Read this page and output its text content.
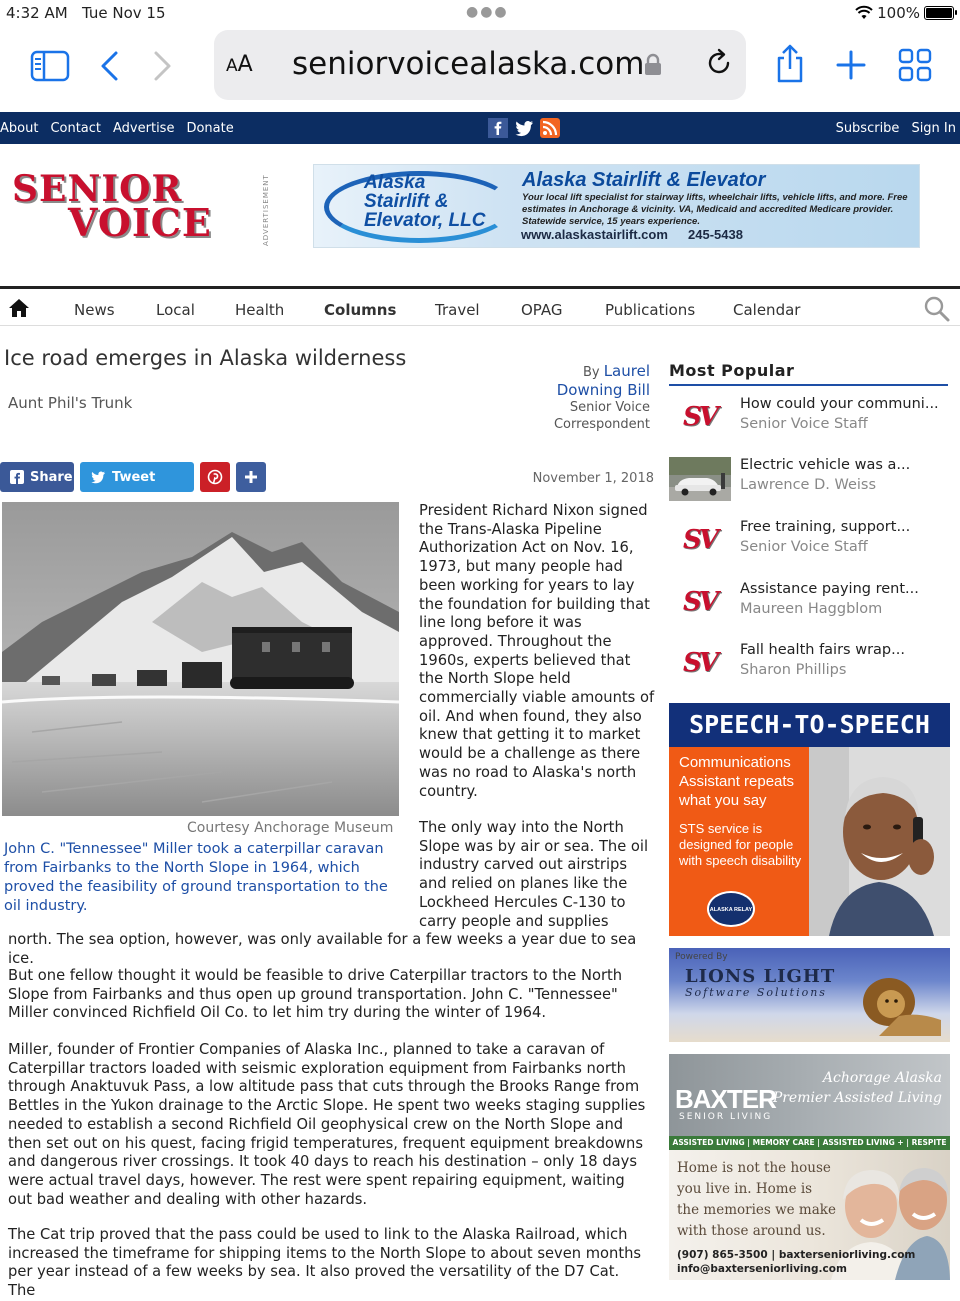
4:32 AM Tue Nov 15	●●●	100%
AA seniorvoicealaska.com
About Contact Advertise Donate	Subscribe Sign In
SENIOR
VOICE	ADVERTISEMENT	Alaska
Stairlift &
Elevator, LLC
Alaska Stairlift & Elevator
Your local lift specialist for stairway lifts, wheelchair lifts, vehicle lifts, and more. Free estimates in Anchorage & vicinity. VA, Medicaid and accredited Medicare provider. Statewide service, 15 years experience.
www.alaskastairlift.com 245-5438
News	Local	Health	Columns	Travel	OPAG	Publications	Calendar
Ice road emerges in Alaska wilderness
Aunt Phil's Trunk
By Laurel
Downing Bill
Senior Voice
Correspondent
Share	Tweet	November 1, 2018
Courtesy Anchorage Museum
John C. "Tennessee" Miller took a caterpillar caravan from Fairbanks to the North Slope in 1964, which proved the feasibility of ground transportation to the oil industry.
President Richard Nixon signed the Trans-Alaska Pipeline Authorization Act on Nov. 16, 1973, but many people had been working for years to lay the foundation for building that line long before it was approved. Throughout the 1960s, experts believed that the North Slope held commercially viable amounts of oil. And when found, they also knew that getting it to market would be a challenge as there was no road to Alaska's north country.
The only way into the North Slope was by air or sea. The oil industry carved out airstrips and relied on planes like the Lockheed Hercules C-130 to carry people and supplies
north. The sea option, however, was only available for a few weeks a year due to sea ice.
But one fellow thought it would be feasible to drive Caterpillar tractors to the North Slope from Fairbanks and thus open up ground transportation. John C. "Tennessee" Miller convinced Richfield Oil Co. to let him try during the winter of 1964.
Miller, founder of Frontier Companies of Alaska Inc., planned to take a caravan of Caterpillar tractors loaded with seismic exploration equipment from Fairbanks north through Anaktuvuk Pass, a low altitude pass that cuts through the Brooks Range from Bettles in the Yukon drainage to the Arctic Slope. He spent two weeks staging supplies needed to establish a second Richfield Oil geophysical crew on the North Slope and then set out on his quest, facing frigid temperatures, frequent equipment breakdowns and dangerous river crossings. It took 40 days to reach his destination – only 18 days were actual travel days, however. The rest were spent repairing equipment, waiting out bad weather and dealing with other hazards.
The Cat trip proved that the pass could be used to link to the Alaska Railroad, which increased the timeframe for shipping items to the North Slope to about seven months per year instead of a few weeks by sea. It also proved the versatility of the D7 Cat. The
Most Popular
SV How could your communi...
Senior Voice Staff
Electric vehicle was a...
Lawrence D. Weiss
SV Free training, support...
Senior Voice Staff
SV Assistance paying rent...
Maureen Haggblom
SV Fall health fairs wrap...
Sharon Phillips
SPEECH-TO-SPEECH
Communications Assistant repeats what you say
STS service is designed for people with speech disability
ALASKA RELAY
Powered By
LIONS LIGHT
Software Solutions
BAXTER
SENIOR LIVING
Achorage Alaska
Premier Assisted Living
ASSISTED LIVING | MEMORY CARE | ASSISTED LIVING + | RESPITE
Home is not the house you live in. Home is the memories we make with those around us.
(907) 865-3500 | baxterseniorliving.com
info@baxterseniorliving.com
